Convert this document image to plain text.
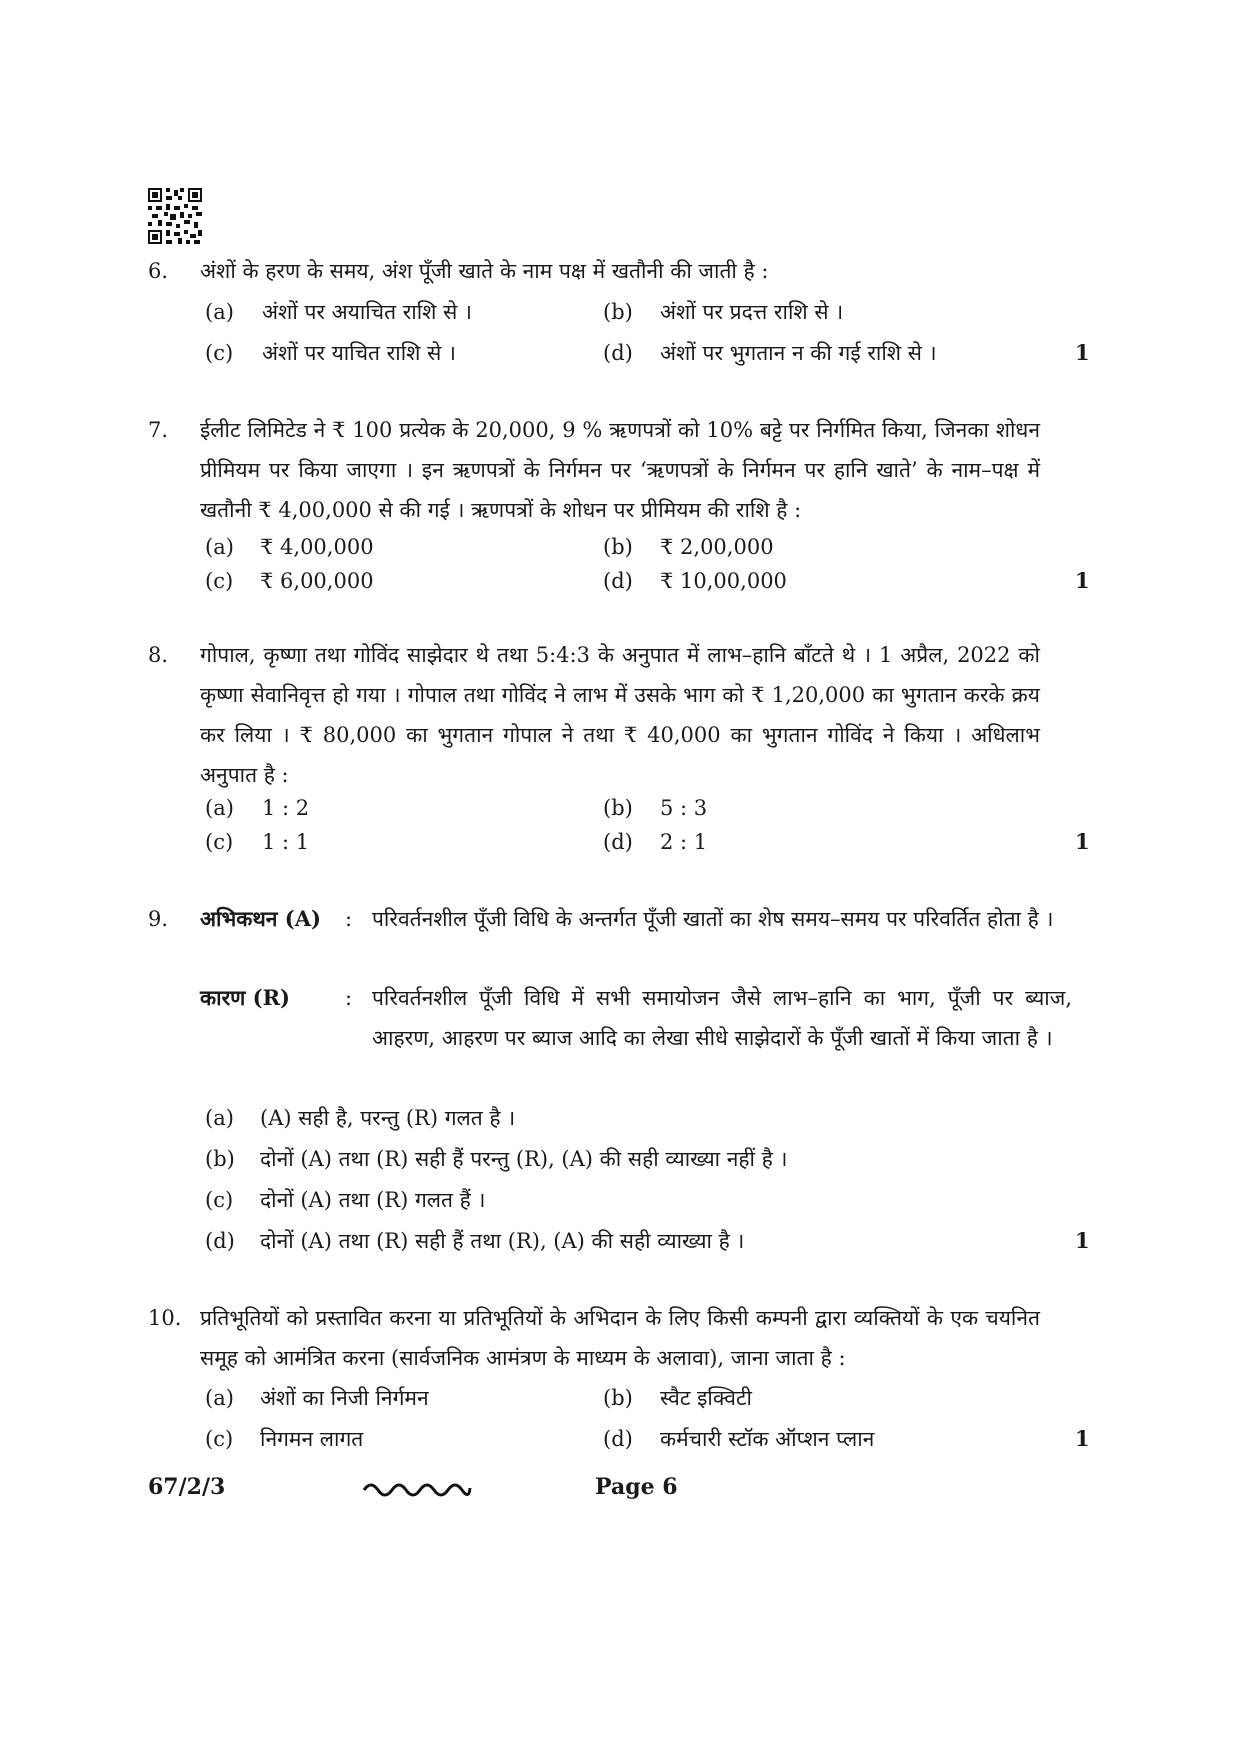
6. अंशों के हरण के समय, अंश पूँजी खाते के नाम पक्ष में खतौनी की जाती है :
(a) अंशों पर अयाचित राशि से ।	(b) अंशों पर प्रदत्त राशि से ।
(c) अंशों पर याचित राशि से ।	(d) अंशों पर भुगतान न की गई राशि से ।	1
7. ईलीट लिमिटेड ने ₹ 100 प्रत्येक के 20,000, 9 % ऋणपत्रों को 10% बट्टे पर निर्गमित किया, जिनका शोधन प्रीमियम पर किया जाएगा । इन ऋणपत्रों के निर्गमन पर ‘ऋणपत्रों के निर्गमन पर हानि खाते’ के नाम–पक्ष में खतौनी ₹ 4,00,000 से की गई । ऋणपत्रों के शोधन पर प्रीमियम की राशि है :
(a) ₹ 4,00,000	(b) ₹ 2,00,000
(c) ₹ 6,00,000	(d) ₹ 10,00,000	1
8. गोपाल, कृष्णा तथा गोविंद साझेदार थे तथा 5:4:3 के अनुपात में लाभ–हानि बाँटते थे । 1 अप्रैल, 2022 को कृष्णा सेवानिवृत्त हो गया । गोपाल तथा गोविंद ने लाभ में उसके भाग को ₹ 1,20,000 का भुगतान करके क्रय कर लिया । ₹ 80,000 का भुगतान गोपाल ने तथा ₹ 40,000 का भुगतान गोविंद ने किया । अधिलाभ अनुपात है :
(a) 1 : 2	(b) 5 : 3
(c) 1 : 1	(d) 2 : 1	1
9. अभिकथन (A) : परिवर्तनशील पूँजी विधि के अन्तर्गत पूँजी खातों का शेष समय–समय पर परिवर्तित होता है ।
कारण (R)	: परिवर्तनशील पूँजी विधि में सभी समायोजन जैसे लाभ–हानि का भाग, पूँजी पर ब्याज, आहरण, आहरण पर ब्याज आदि का लेखा सीधे साझेदारों के पूँजी खातों में किया जाता है ।
(a) (A) सही है, परन्तु (R) गलत है ।
(b) दोनों (A) तथा (R) सही हैं परन्तु (R), (A) की सही व्याख्या नहीं है ।
(c) दोनों (A) तथा (R) गलत हैं ।
(d) दोनों (A) तथा (R) सही हैं तथा (R), (A) की सही व्याख्या है ।	1
10. प्रतिभूतियों को प्रस्तावित करना या प्रतिभूतियों के अभिदान के लिए किसी कम्पनी द्वारा व्यक्तियों के एक चयनित समूह को आमंत्रित करना (सार्वजनिक आमंत्रण के माध्यम के अलावा), जाना जाता है :
(a) अंशों का निजी निर्गमन	(b) स्वैट इक्विटी
(c) निगमन लागत	(d) कर्मचारी स्टॉक ऑप्शन प्लान	1
67/2/3	Page 6
